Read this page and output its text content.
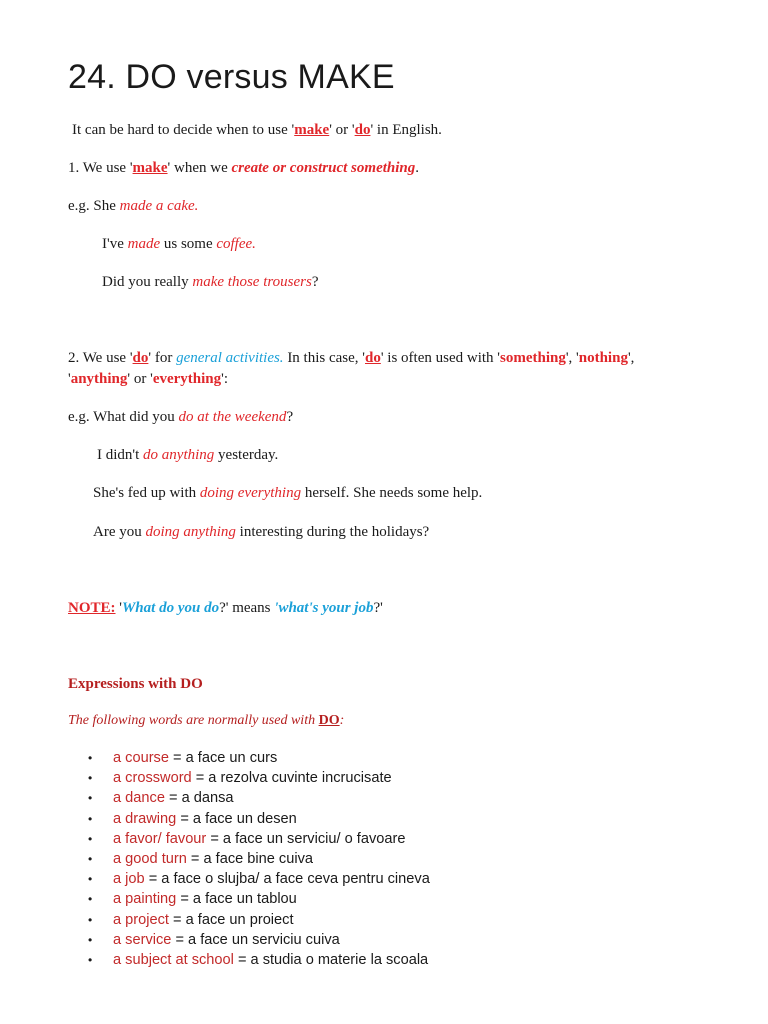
24. DO versus MAKE
It can be hard to decide when to use 'make' or 'do' in English.
1. We use 'make' when we create or construct something.
e.g. She made a cake.
I've made us some coffee.
Did you really make those trousers?
2. We use 'do' for general activities. In this case, 'do' is often used with 'something', 'nothing',
'anything' or 'everything':
e.g. What did you do at the weekend?
I didn't do anything yesterday.
She's fed up with doing everything herself. She needs some help.
Are you doing anything interesting during the holidays?
NOTE: 'What do you do?' means 'what's your job?'
Expressions with DO
The following words are normally used with DO:
• a course = a face un curs
• a crossword = a rezolva cuvinte incrucisate
• a dance = a dansa
• a drawing = a face un desen
• a favor/ favour = a face un serviciu/ o favoare
• a good turn = a face bine cuiva
• a job = a face o slujba/ a face ceva pentru cineva
• a painting = a face un tablou
• a project = a face un proiect
• a service = a face un serviciu cuiva
• a subject at school = a studia o materie la scoala
